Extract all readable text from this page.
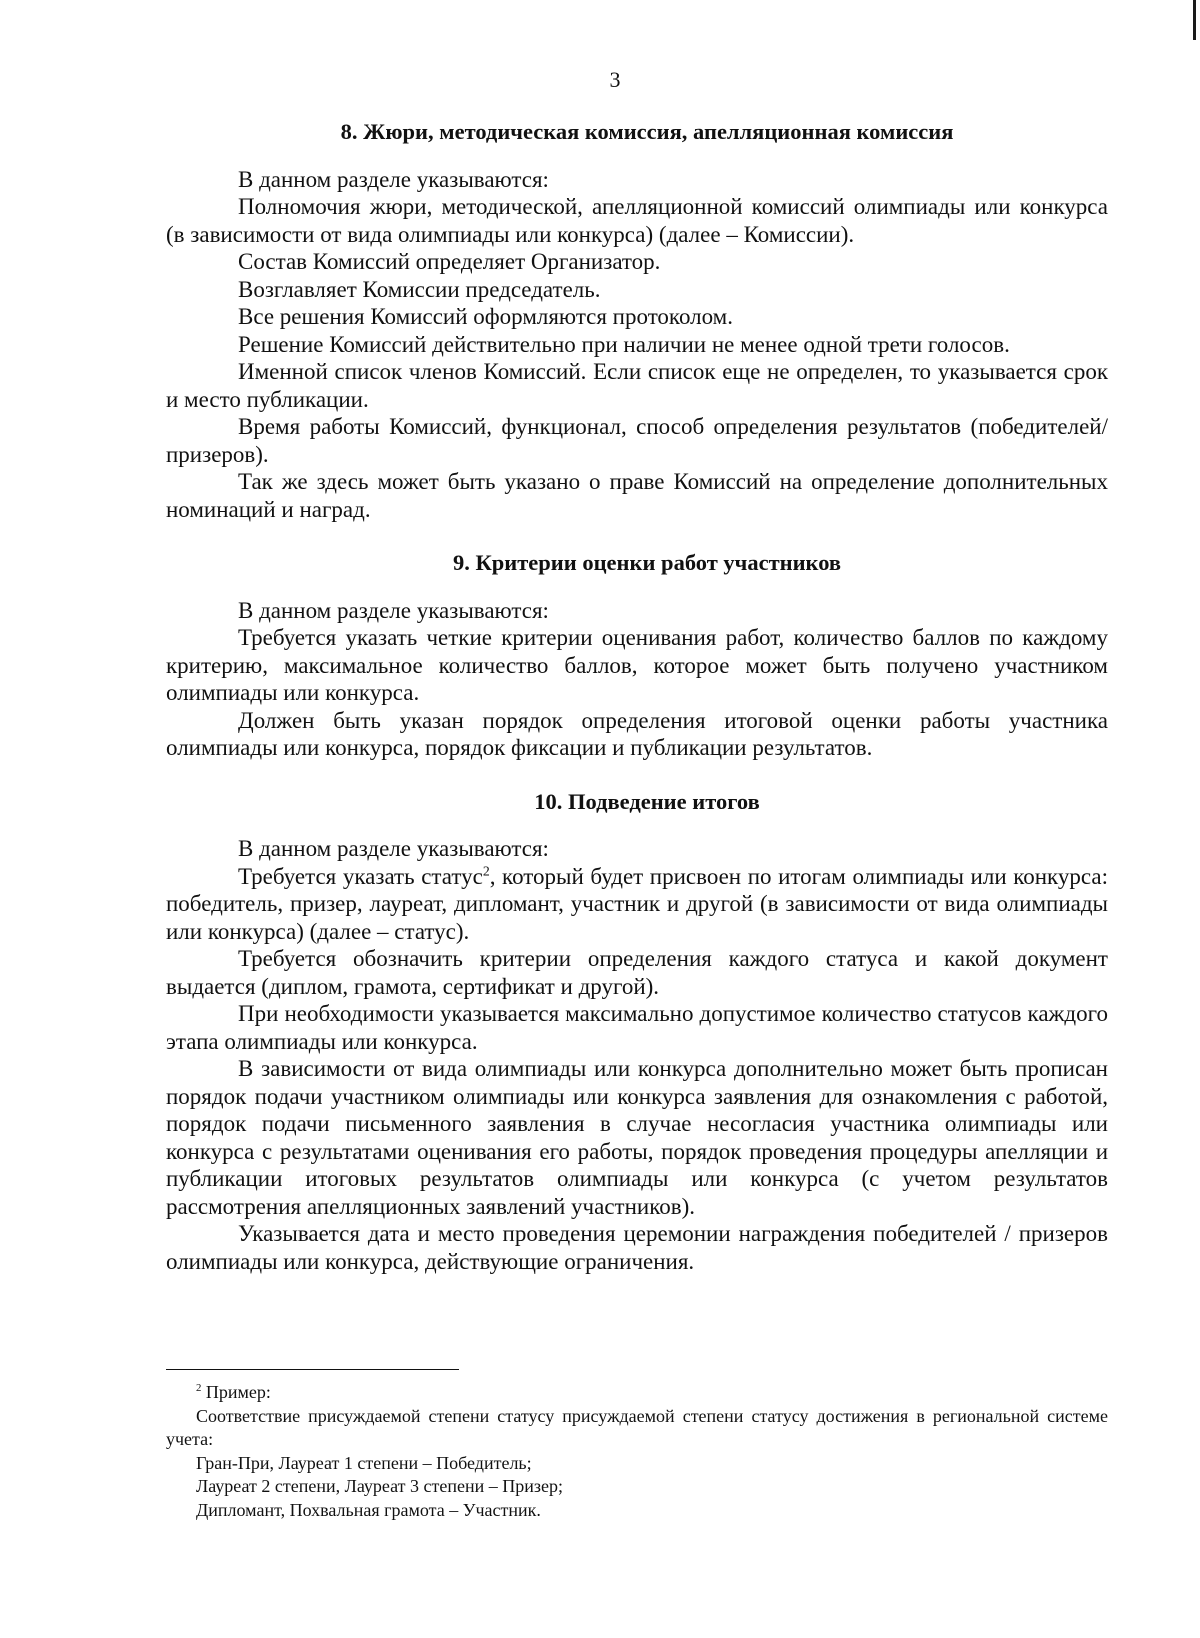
3
8. Жюри, методическая комиссия, апелляционная комиссия

В данном разделе указываются:

Полномочия жюри, методической, апелляционной комиссий олимпиады или конкурса (в зависимости от вида олимпиады или конкурса) (далее – Комиссии).

Состав Комиссий определяет Организатор.

Возглавляет Комиссии председатель.

Все решения Комиссий оформляются протоколом.

Решение Комиссий действительно при наличии не менее одной трети голосов.

Именной список членов Комиссий. Если список еще не определен, то указывается срок и место публикации.

Время работы Комиссий, функционал, способ определения результатов (победителей/призеров).

Так же здесь может быть указано о праве Комиссий на определение дополнительных номинаций и наград.

9. Критерии оценки работ участников

В данном разделе указываются:

Требуется указать четкие критерии оценивания работ, количество баллов по каждому критерию, максимальное количество баллов, которое может быть получено участником олимпиады или конкурса.

Должен быть указан порядок определения итоговой оценки работы участника олимпиады или конкурса, порядок фиксации и публикации результатов.

10. Подведение итогов

В данном разделе указываются:

Требуется указать статус$^2$, который будет присвоен по итогам олимпиады или конкурса: победитель, призер, лауреат, дипломант, участник и другой (в зависимости от вида олимпиады или конкурса) (далее – статус).

Требуется обозначить критерии определения каждого статуса и какой документ выдается (диплом, грамота, сертификат и другой).

При необходимости указывается максимально допустимое количество статусов каждого этапа олимпиады или конкурса.

В зависимости от вида олимпиады или конкурса дополнительно может быть прописан порядок подачи участником олимпиады или конкурса заявления для ознакомления с работой, порядок подачи письменного заявления в случае несогласия участника олимпиады или конкурса с результатами оценивания его работы, порядок проведения процедуры апелляции и публикации итоговых результатов олимпиады или конкурса (с учетом результатов рассмотрения апелляционных заявлений участников).

Указывается дата и место проведения церемонии награждения победителей / призеров олимпиады или конкурса, действующие ограничения.

$^2$ Пример:

Соответствие присуждаемой степени статусу присуждаемой степени статусу достижения в региональной системе учета:

Гран-При, Лауреат 1 степени – Победитель;

Лауреат 2 степени, Лауреат 3 степени – Призер;

Дипломант, Похвальная грамота – Участник.
